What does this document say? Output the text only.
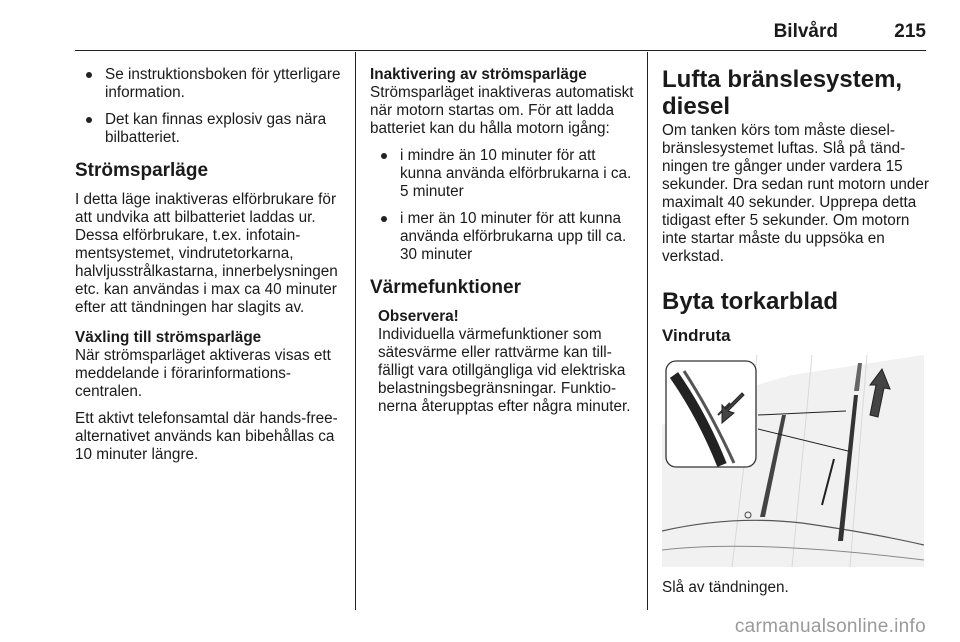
Bilvård	215

Se instruktionsboken för ytterligare information.

Det kan finnas explosiv gas nära bilbatteriet.

Strömsparläge

I detta läge inaktiveras elförbrukare för att undvika att bilbatteriet laddas ur. Dessa elförbrukare, t.ex. infotainmentsystemet, vindrutetorkarna, halvljusstrålkastarna, innerbelysningen etc. kan användas i max ca 40 minuter efter att tändningen har slagits av.

Växling till strömsparläge

När strömsparläget aktiveras visas ett meddelande i förarinformationscentralen.

Ett aktivt telefonsamtal där hands-free-alternativet används kan bibehållas ca 10 minuter längre.

Inaktivering av strömsparläge

Strömsparläget inaktiveras automatiskt när motorn startas om. För att ladda batteriet kan du hålla motorn igång:

i mindre än 10 minuter för att kunna använda elförbrukarna i ca. 5 minuter

i mer än 10 minuter för att kunna använda elförbrukarna upp till ca. 30 minuter

Värmefunktioner

Observera!

Individuella värmefunktioner som sätesvärme eller rattvärme kan tillfälligt vara otillgängliga vid elektriska belastningsbegränsningar. Funktionerna återupptas efter några minuter.

Lufta bränslesystem, diesel

Om tanken körs tom måste dieselbränslesystemet luftas. Slå på tändningen tre gånger under vardera 15 sekunder. Dra sedan runt motorn under maximalt 40 sekunder. Upprepa detta tidigast efter 5 sekunder. Om motorn inte startar måste du uppsöka en verkstad.

Byta torkarblad

Vindruta

Slå av tändningen.

carmanualsonline.info
